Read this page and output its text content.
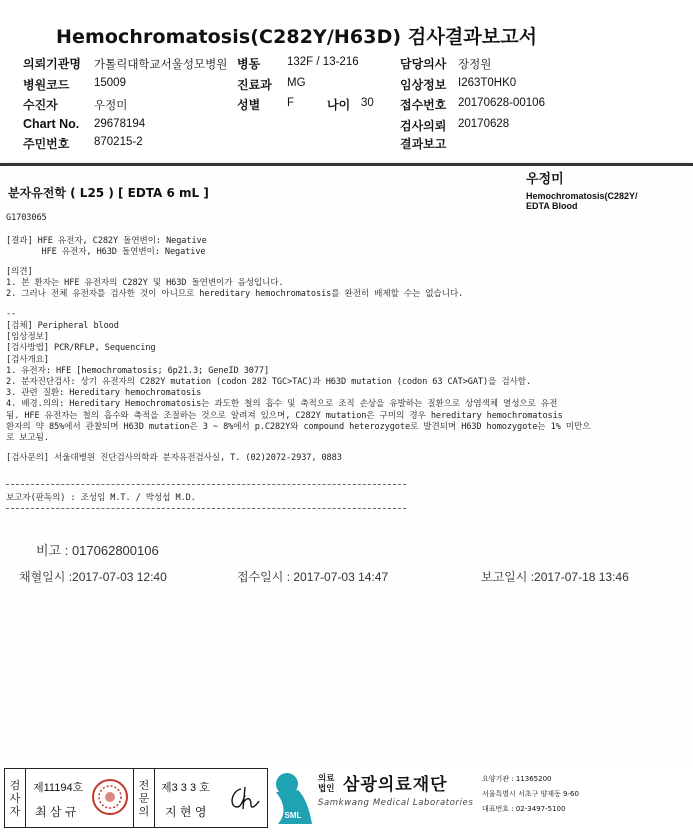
Hemochromatosis(C282Y/H63D) 검사결과보고서
의뢰기관명 가톨릭대학교서울성모병원 병동 132F / 13-216	담당의사 장정원
병원코드 15009	진료과 MG	임상정보 I263T0HK0
수진자	우정미	성별 F	나이 30 접수번호 20170628-00106
Chart No. 29678194	검사의뢰 20170628
주민번호 870215-2	결과보고
분자유전학 ( L25 ) [ EDTA 6 mL ]
우정미
Hemochromatosis(C282Y/
EDTA Blood
G1703065
[결과] HFE 유전자, C282Y 돌연변이: Negative
HFE 유전자, H63D 돌연변이: Negative
[의견]
1. 본 환자는 HFE 유전자의 C282Y 및 H63D 돌연변이가 음성입니다.
2. 그러나 전체 유전자를 검사한 것이 아니므로 hereditary hemochromatosis를 완전히 배제할 수는 없습니다.
--
[검체] Peripheral blood
[임상정보]
[검사방법] PCR/RFLP, Sequencing
[검사개요]
1. 유전자: HFE [hemochromatosis; 6p21.3; GeneID 3077]
2. 분자진단검사: 상기 유전자의 C282Y mutation (codon 282 TGC>TAC)과 H63D mutation (codon 63 CAT>GAT)을 검사함.
3. 관련 질환: Hereditary hemochromatosis
4. 배경.의의: Hereditary Hemochromatosis는 과도한 철의 흡수 및 축적으로 조직 손상을 유발하는 질환으로 상염색체 열성으로 유전
됨. HFE 유전자는 철의 흡수와 축적을 조절하는 것으로 알려져 있으며, C282Y mutation은 구미의 경우 hereditary hemochromatosis
환자의 약 85%에서 관찰되며 H63D mutation은 3 ~ 8%에서 p.C282Y와 compound heterozygote로 발견되며 H63D homozygote는 1% 미만으
로 보고됨.
[검사문의] 서울대병원 진단검사의학과 분자유전검사실, T. (02)2072-2937, 0883
보고자(판독의) : 조성임 M.T. / 박성섭 M.D.
비고 : 017062800106
채혈일시 :2017-07-03 12:40	접수일시 : 2017-07-03 14:47	보고일시 :2017-07-18 13:46
검
사
자
제11194호
최 삼 규
전
문
의
제3 3 3 호
지 현 영	SML
의료
법인 삼광의료재단
Samkwang Medical Laboratories
요양기관 : 11365200
서울특별시 서초구 양재동 9-60
대표번호 : 02-3497-5100
